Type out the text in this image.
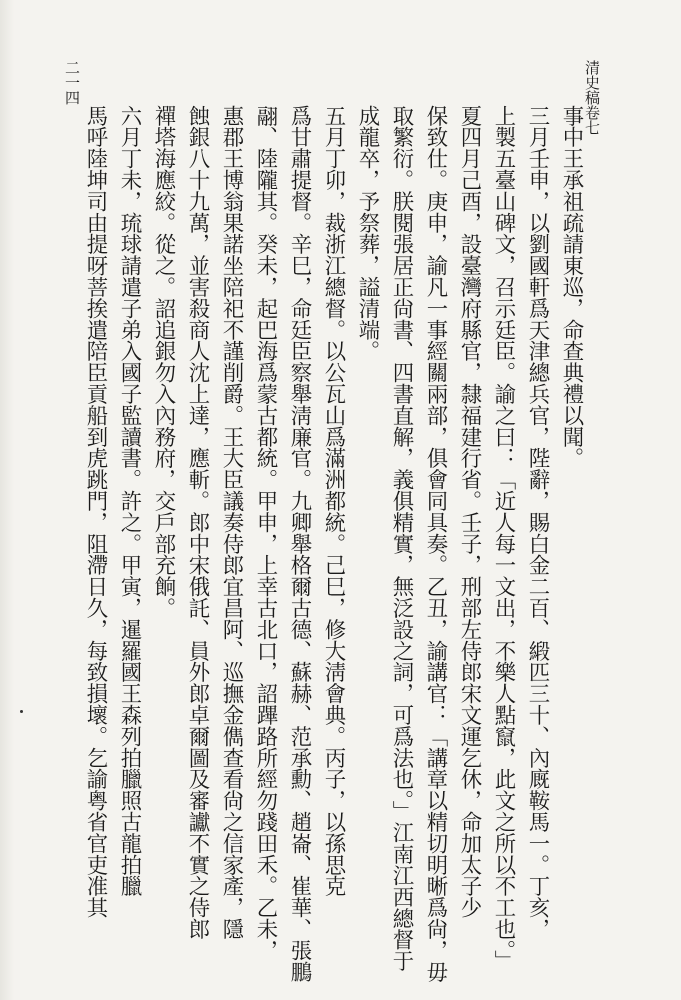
清史稿卷七
二一四
事中王承祖疏請東巡，命查典禮以聞。
三月壬申，以劉國軒爲天津總兵官，陛辭，賜白金二百、緞匹三十、內廐鞍馬一。丁亥，
上製五臺山碑文，召示廷臣。諭之曰：「近人每一文出，不樂人點竄，此文之所以不工也。」
夏四月己酉，設臺灣府縣官，隸福建行省。壬子，刑部左侍郎宋文運乞休，命加太子少
保致仕。庚申，諭凡一事經關兩部，俱會同具奏。乙丑，諭講官：「講章以精切明晰爲尙，毋
取繁衍。朕閱張居正尙書、四書直解，義俱精實，無泛設之詞，可爲法也。」江南江西總督于
成龍卒，予祭葬，謚清端。
五月丁卯，裁浙江總督。以公瓦山爲滿洲都統。己巳，修大淸會典。丙子，以孫思克
爲甘肅提督。辛巳，命廷臣察舉淸廉官。九卿舉格爾古德、蘇赫、范承勳、趙崙、崔華、張鵬
翮、陸隴其。癸未，起巴海爲蒙古都統。甲申，上幸古北口，詔蹕路所經勿踐田禾。乙未，
惠郡王博翁果諾坐陪祀不謹削爵。王大臣議奏侍郎宜昌阿、巡撫金儁查看尙之信家產，隱
蝕銀八十九萬，並害殺商人沈上達，應斬。郎中宋俄託、員外郎卓爾圖及審讞不實之侍郎
禪塔海應絞。從之。詔追銀勿入內務府，交戶部充餉。
六月丁未，琉球請遣子弟入國子監讀書。許之。甲寅，暹羅國王森列拍臘照古龍拍臘
馬呼陸坤司由提呀菩挨遣陪臣貢船到虎跳門，阻滯日久，每致損壞。乞諭粤省官吏准其
